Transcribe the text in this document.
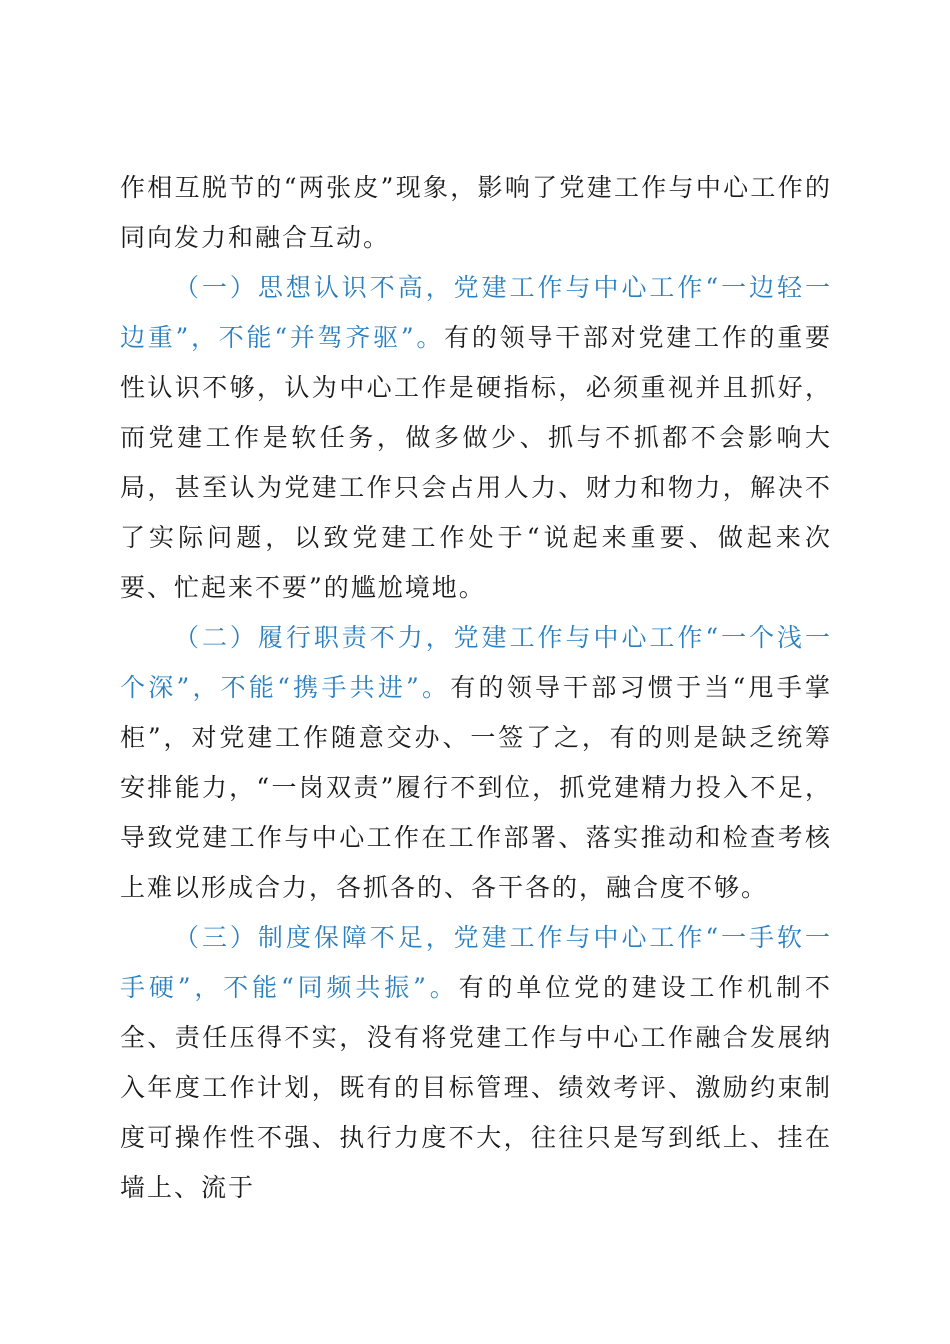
作相互脱节的“两张皮”现象，影响了党建工作与中心工作的同向发力和融合互动。

（一）思想认识不高，党建工作与中心工作“一边轻一边重”，不能“并驾齐驱”。有的领导干部对党建工作的重要性认识不够，认为中心工作是硬指标，必须重视并且抓好，而党建工作是软任务，做多做少、抓与不抓都不会影响大局，甚至认为党建工作只会占用人力、财力和物力，解决不了实际问题，以致党建工作处于“说起来重要、做起来次要、忙起来不要”的尴尬境地。

（二）履行职责不力，党建工作与中心工作“一个浅一个深”，不能“携手共进”。有的领导干部习惯于当“甩手掌柜”，对党建工作随意交办、一签了之，有的则是缺乏统筹安排能力，“一岗双责”履行不到位，抓党建精力投入不足，导致党建工作与中心工作在工作部署、落实推动和检查考核上难以形成合力，各抓各的、各干各的，融合度不够。

（三）制度保障不足，党建工作与中心工作“一手软一手硬”，不能“同频共振”。有的单位党的建设工作机制不全、责任压得不实，没有将党建工作与中心工作融合发展纳入年度工作计划，既有的目标管理、绩效考评、激励约束制度可操作性不强、执行力度不大，往往只是写到纸上、挂在墙上、流于
